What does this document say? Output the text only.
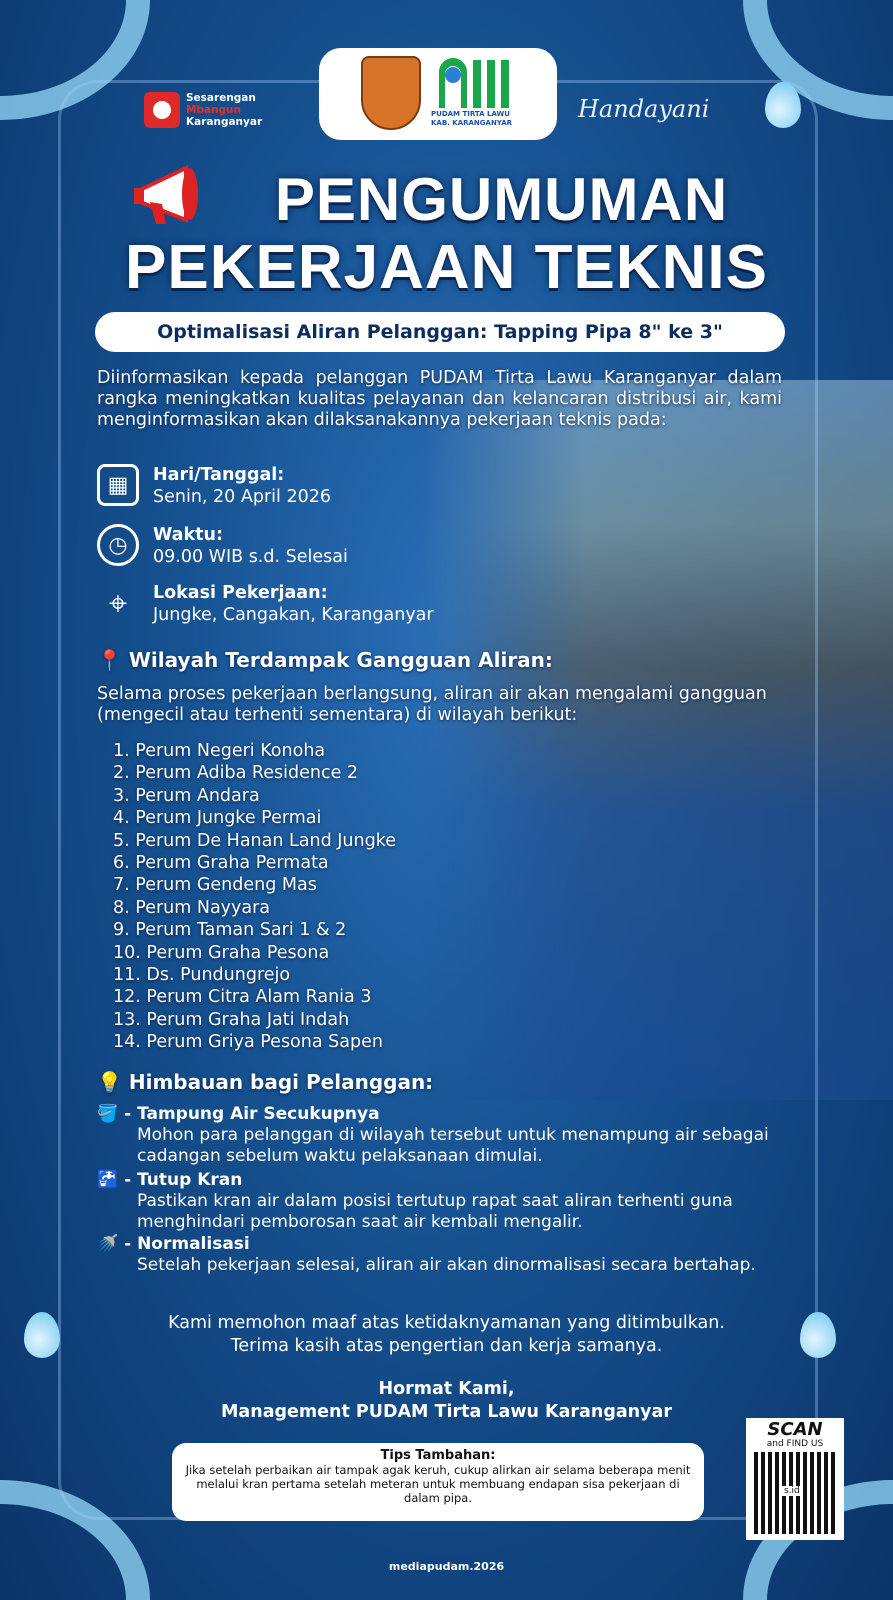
Sesarengan
Mbangun
Karanganyar
PUDAM TIRTA LAWU
KAB. KARANGANYAR	Handayani
PENGUMUMAN
PEKERJAAN TEKNIS
Optimalisasi Aliran Pelanggan: Tapping Pipa 8" ke 3"
Diinformasikan kepada pelanggan PUDAM Tirta Lawu Karanganyar dalam rangka meningkatkan kualitas pelayanan dan kelancaran distribusi air, kami menginformasikan akan dilaksanakannya pekerjaan teknis pada:
▦	Hari/Tanggal:
Senin, 20 April 2026
◷	Waktu:
09.00 WIB s.d. Selesai
⌖	Lokasi Pekerjaan:
Jungke, Cangakan, Karanganyar
📍 Wilayah Terdampak Gangguan Aliran:
Selama proses pekerjaan berlangsung, aliran air akan mengalami gangguan (mengecil atau terhenti sementara) di wilayah berikut:
1. Perum Negeri Konoha
2. Perum Adiba Residence 2
3. Perum Andara
4. Perum Jungke Permai
5. Perum De Hanan Land Jungke
6. Perum Graha Permata
7. Perum Gendeng Mas
8. Perum Nayyara
9. Perum Taman Sari 1 & 2
10. Perum Graha Pesona
11. Ds. Pundungrejo
12. Perum Citra Alam Rania 3
13. Perum Graha Jati Indah
14. Perum Griya Pesona Sapen
💡 Himbauan bagi Pelanggan:
🪣 - Tampung Air Secukupnya
Mohon para pelanggan di wilayah tersebut untuk menampung air sebagai cadangan sebelum waktu pelaksanaan dimulai.
🚰 - Tutup Kran
Pastikan kran air dalam posisi tertutup rapat saat aliran terhenti guna menghindari pemborosan saat air kembali mengalir.
🚿 - Normalisasi
Setelah pekerjaan selesai, aliran air akan dinormalisasi secara bertahap.
Kami memohon maaf atas ketidaknyamanan yang ditimbulkan.
Terima kasih atas pengertian dan kerja samanya.
Hormat Kami,
Management PUDAM Tirta Lawu Karanganyar
Tips Tambahan:
Jika setelah perbaikan air tampak agak keruh, cukup alirkan air selama beberapa menit melalui kran pertama setelah meteran untuk membuang endapan sisa pekerjaan di dalam pipa.
SCAN
and FIND US
s.id
mediapudam.2026
